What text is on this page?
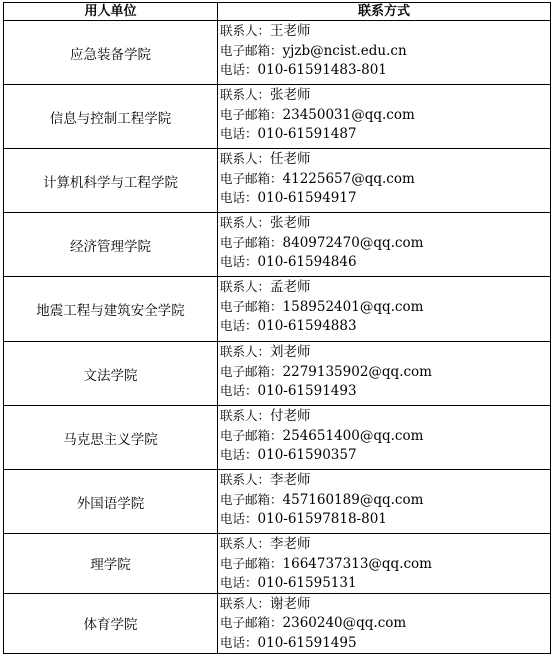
用人单位	联系方式
应急装备学院	联系人：王老师
电子邮箱：yjzb@ncist.edu.cn
电话：010-61591483-801

信息与控制工程学院	联系人：张老师
电子邮箱：23450031@qq.com
电话：010-61591487

计算机科学与工程学院	联系人：任老师
电子邮箱：41225657@qq.com
电话：010-61594917

经济管理学院	联系人：张老师
电子邮箱：840972470@qq.com
电话：010-61594846

地震工程与建筑安全学院	联系人：孟老师
电子邮箱：158952401@qq.com
电话：010-61594883

文法学院	联系人：刘老师
电子邮箱：2279135902@qq.com
电话：010-61591493

马克思主义学院	联系人：付老师
电子邮箱：254651400@qq.com
电话：010-61590357

外国语学院	联系人：李老师
电子邮箱：457160189@qq.com
电话：010-61597818-801

理学院	联系人：李老师
电子邮箱：1664737313@qq.com
电话：010-61595131

体育学院	联系人：谢老师
电子邮箱：2360240@qq.com
电话：010-61591495
